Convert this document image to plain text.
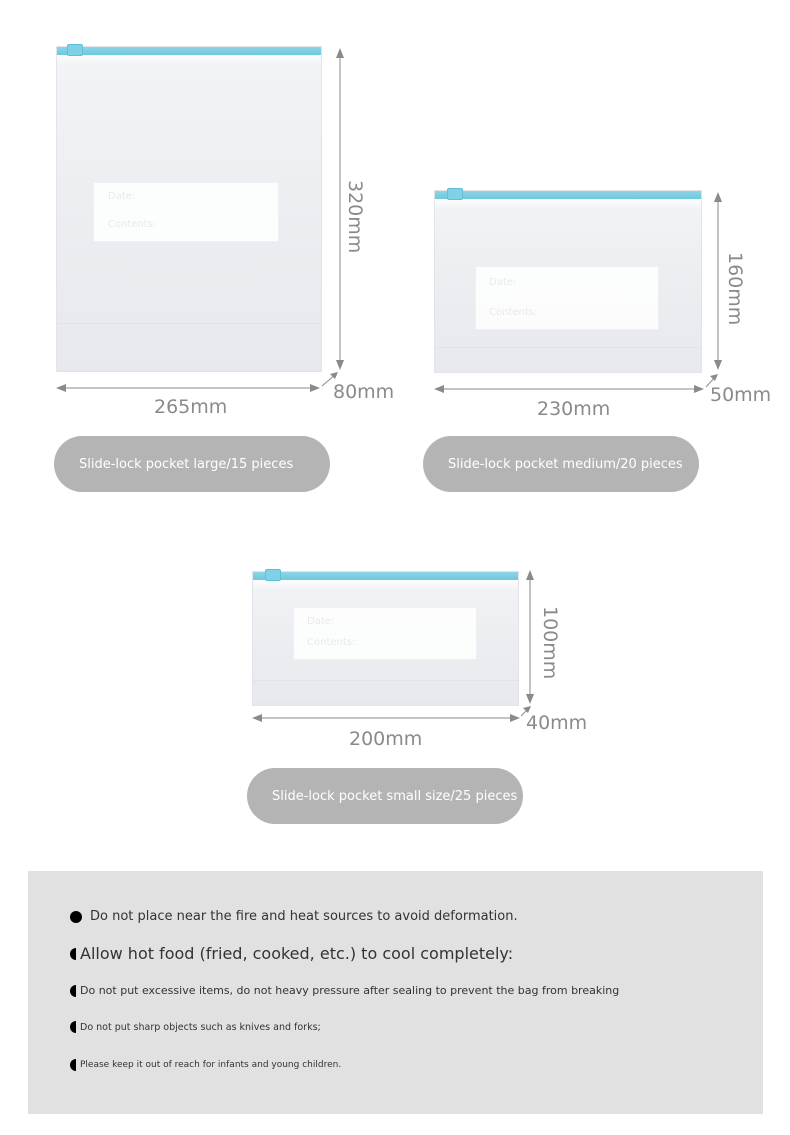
Date:
Contents:	320mm
265mm
80mm
Slide-lock pocket large/15 pieces
Date:
Contents:	160mm
230mm
50mm
Slide-lock pocket medium/20 pieces
Date:
Contents:	100mm
200mm
40mm
Slide-lock pocket small size/25 pieces
Do not place near the fire and heat sources to avoid deformation.
Allow hot food (fried, cooked, etc.) to cool completely:
Do not put excessive items, do not heavy pressure after sealing to prevent the bag from breaking
Do not put sharp objects such as knives and forks;
Please keep it out of reach for infants and young children.
